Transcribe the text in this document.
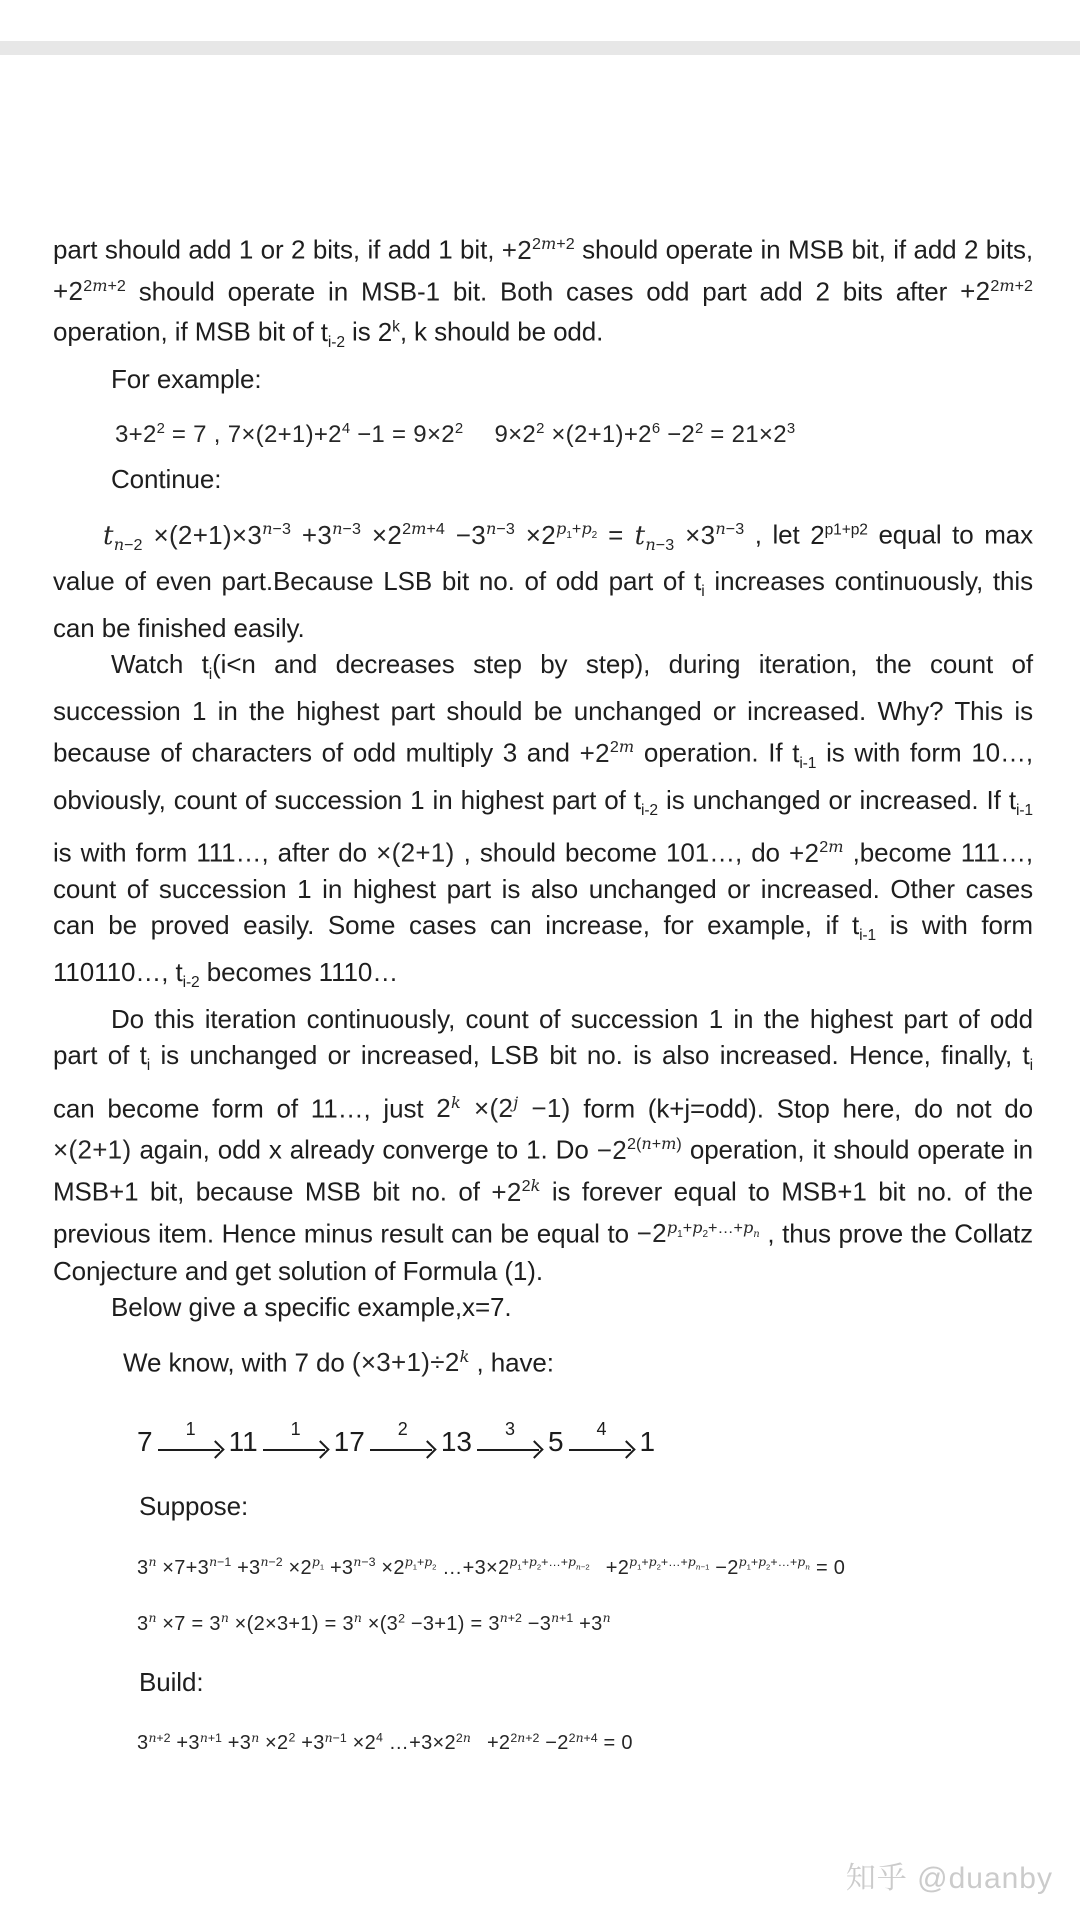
part should add 1 or 2 bits, if add 1 bit, $+2^{2m+2}$ should operate in MSB bit, if add 2 bits, $+2^{2m+2}$ should operate in MSB-1 bit. Both cases odd part add 2 bits after $+2^{2m+2}$ operation, if MSB bit of $t_{i-2}$ is 2$^k$, k should be odd.

For example:

$3+2^2 = 7$ , $7\times(2+1)+2^4 -1 = 9\times 2^2$  $9\times 2^2 \times(2+1)+2^6 -2^2 = 21\times 2^3$

Continue:

$t_{n-2} \times(2+1)\times 3^{n-3} +3^{n-3} \times 2^{2m+4} -3^{n-3} \times 2^{p_1+p_2} = t_{n-3} \times 3^{n-3}$ , let $2^{p1+p2}$ equal to max value of even part.Because LSB bit no. of odd part of $t_i$ increases continuously, this can be finished easily.

Watch $t_i(i<n$ and decreases step by step), during iteration, the count of succession 1 in the highest part should be unchanged or increased. Why? This is because of characters of odd multiply 3 and $+2^{2m}$ operation. If $t_{i-1}$ is with form 10…, obviously, count of succession 1 in highest part of $t_{i-2}$ is unchanged or increased. If $t_{i-1}$ is with form 111…, after do ×(2+1) , should become 101…, do $+2^{2m}$ ,become 111…, count of succession 1 in highest part is also unchanged or increased. Other cases can be proved easily. Some cases can increase, for example, if $t_{i-1}$ is with form 110110…, $t_{i-2}$ becomes 1110…

Do this iteration continuously, count of succession 1 in the highest part of odd part of $t_i$ is unchanged or increased, LSB bit no. is also increased. Hence, finally, $t_i$ can become form of 11…, just $2^k \times(2^j -1)$ form (k+j=odd). Stop here, do not do ×(2+1) again, odd x already converge to 1. $Do -2^{2(n+m)}$ operation, it should operate in MSB+1 bit, because MSB bit no. of $+2^{2k}$ is forever equal to MSB+1 bit no. of the previous item. Hence minus result can be equal to $-2^{p_1+p_2+\dots+p_n}$ , thus prove the Collatz Conjecture and get solution of Formula (1).

Below give a specific example,x=7.

We know, with 7 do $(\times 3+1)\div 2^k$ , have:

7 1 11 1 17 2 13 3 5 4 1

Suppose:

$3^n \times 7+3^{n-1} +3^{n-2} \times 2^{p_1} +3^{n-3} \times 2^{p_1+p_2}$ $\dots+3\times 2^{p_1+p_2+\dots+p_{n-2}}$  $+2^{p_1+p_2+\dots+p_{n-1}} -2^{p_1+p_2+\dots+p_n} = 0$
$3^n \times 7 = 3^n \times(2\times 3+1) = 3^n \times(3^2 -3+1) = 3^{n+2} -3^{n+1} +3^n$

Build:

$3^{n+2} +3^{n+1} +3^n \times 2^2 +3^{n-1} \times 2^4$ $\dots+3\times 2^{2n}$  $+2^{2n+2} -2^{2n+4} = 0$
知乎 @duanby
